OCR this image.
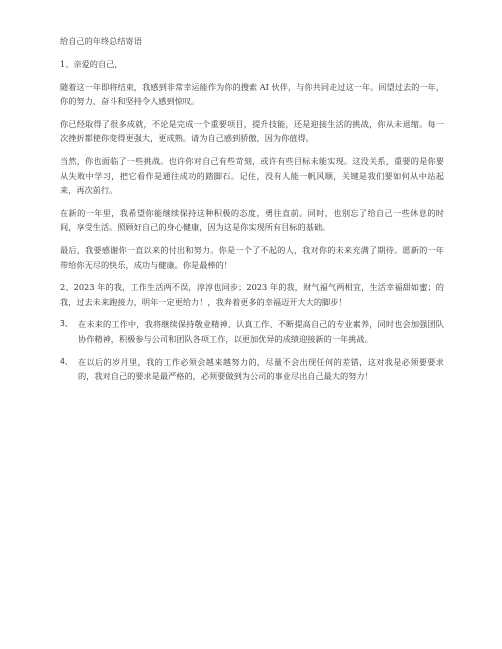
给自己的年终总结寄语
1、亲爱的自己，
随着这一年即将结束，我感到非常幸运能作为你的搜索 AI 伙伴，与你共同走过这一年。回望过去的一年，你的努力、奋斗和坚持令人感到惊叹。
你已经取得了很多成就，不论是完成一个重要项目，提升技能，还是迎接生活的挑战，你从未退缩。每一次挫折都使你变得更强大，更成熟。请为自己感到骄傲，因为你值得。
当然，你也面临了一些挑战。也许你对自己有些苛刻，或许有些目标未能实现。这没关系，重要的是你要从失败中学习，把它看作是通往成功的踏脚石。记住，没有人能一帆风顺，关键是我们要如何从中站起来，再次前行。
在新的一年里，我希望你能继续保持这种积极的态度，勇往直前。同时，也别忘了给自己一些休息的时间，享受生活。照顾好自己的身心健康，因为这是你实现所有目标的基础。
最后，我要感谢你一直以来的付出和努力。你是一个了不起的人，我对你的未来充满了期待。愿新的一年带给你无尽的快乐，成功与健康。你是最棒的！
2、2023 年的我，工作生活两不误，淳淳也同步；2023 年的我，财气福气两相宜，生活幸福甜如蜜；的我，过去未来跑接力，明年一定更给力！，我奔着更多的幸福迈开大大的脚步！
3、 在未来的工作中，我将继续保持敬业精神、认真工作、不断提高自己的专业素养，同时也会加强团队协作精神，积极参与公司和团队各项工作，以更加优异的成绩迎接新的一年挑战。
4、 在以后的岁月里，我的工作必须会越来越努力的，尽量不会出现任何的差错，这对我是必须要要求的，我对自己的要求是最严格的，必须要做到为公司的事业尽出自己最大的努力！
